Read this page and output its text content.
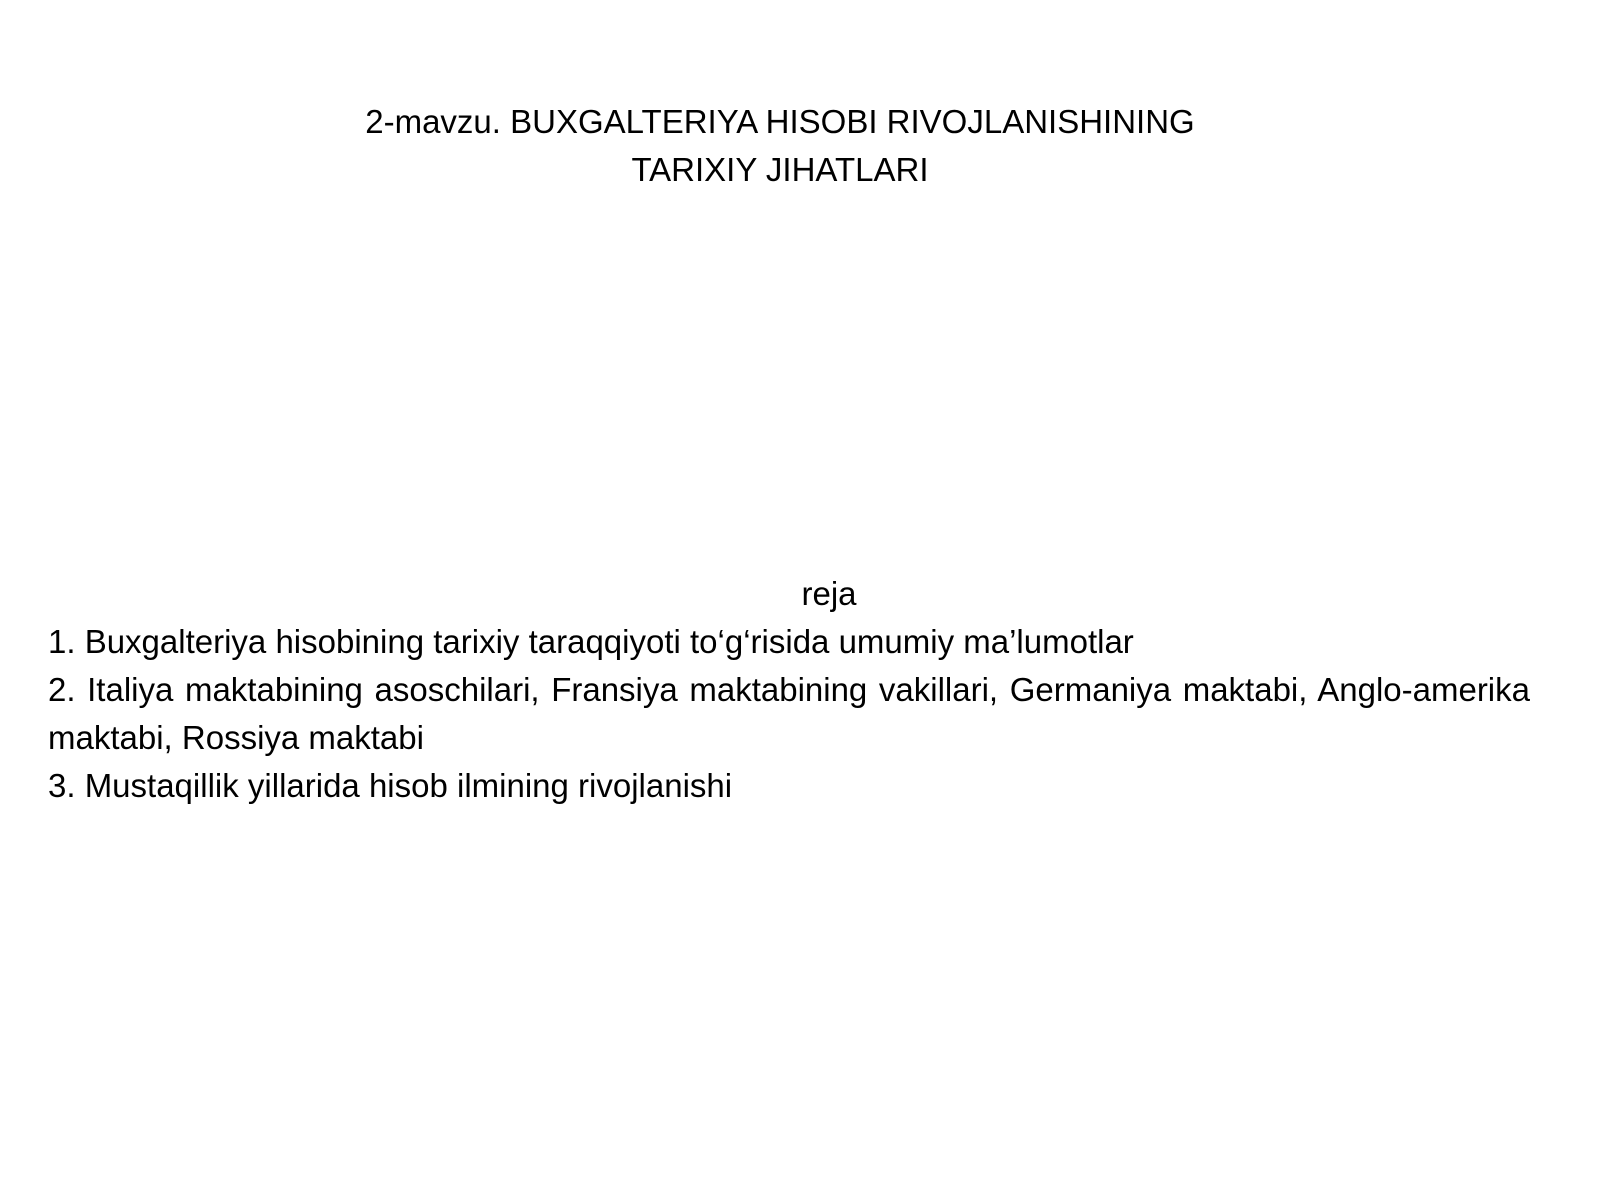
2-mavzu. BUXGALTERIYA HISOBI RIVOJLANISHINING
TARIXIY JIHATLARI
reja
1. Buxgalteriya hisobining tarixiy taraqqiyoti to‘g‘risida umumiy ma’lumotlar
2. Italiya maktabining asoschilari, Fransiya maktabining vakillari, Germaniya maktabi, Anglo-amerika maktabi, Rossiya maktabi
3. Mustaqillik yillarida hisob ilmining rivojlanishi
